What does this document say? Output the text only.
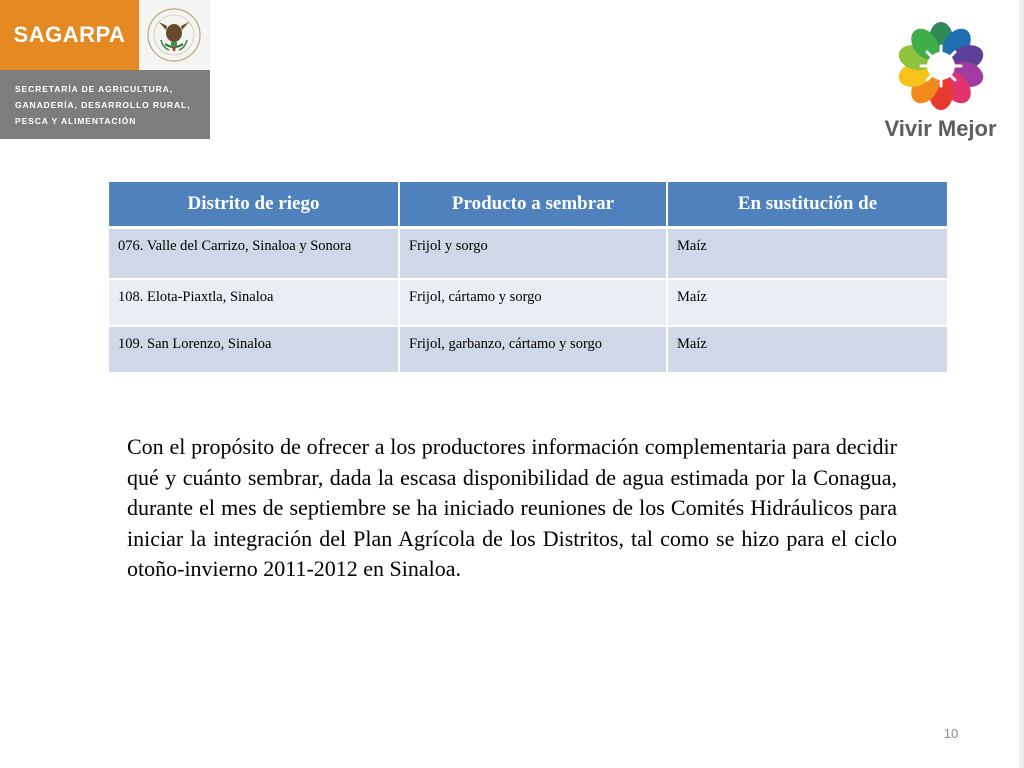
SAGARPA
SECRETARÍA DE AGRICULTURA,
GANADERÍA, DESARROLLO RURAL,
PESCA Y ALIMENTACIÓN	Vivir Mejor
Distrito de riego	Producto a sembrar	En sustitución de
076. Valle del Carrizo, Sinaloa y Sonora	Frijol y sorgo	Maíz
108. Elota-Piaxtla, Sinaloa	Frijol, cártamo y sorgo	Maíz
109. San Lorenzo, Sinaloa	Frijol, garbanzo, cártamo y sorgo	Maíz

Con el propósito de ofrecer a los productores información complementaria para decidir qué y cuánto sembrar, dada la escasa disponibilidad de agua estimada por la Conagua, durante el mes de septiembre se ha iniciado reuniones de los Comités Hidráulicos para iniciar la integración del Plan Agrícola de los Distritos, tal como se hizo para el ciclo otoño-invierno 2011-2012 en Sinaloa.

10
